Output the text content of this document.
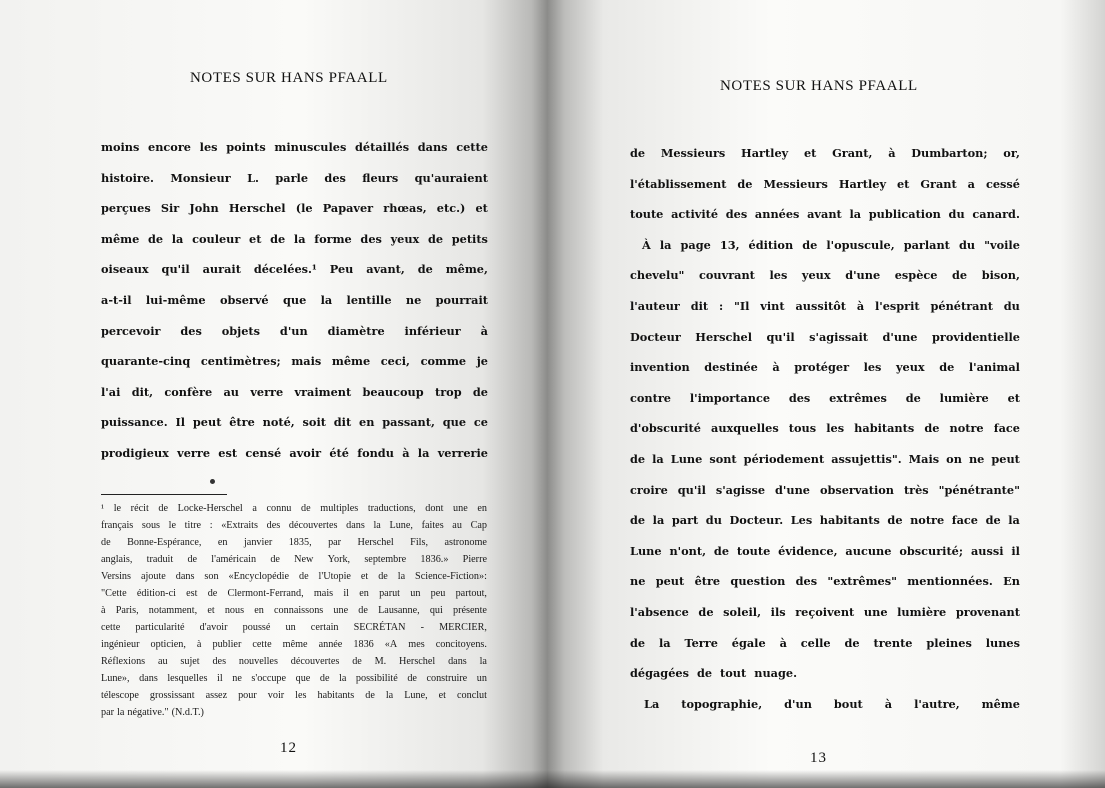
NOTES SUR HANS PFAALL
moins encore les points minuscules détaillés dans cette
histoire. Monsieur L. parle des fleurs qu'auraient
perçues Sir John Herschel (le Papaver rhœas, etc.) et
même de la couleur et de la forme des yeux de petits
oiseaux qu'il aurait décelées.¹ Peu avant, de même,
a-t-il lui-même observé que la lentille ne pourrait
percevoir des objets d'un diamètre inférieur à
quarante-cinq centimètres; mais même ceci, comme je
l'ai dit, confère au verre vraiment beaucoup trop de
puissance. Il peut être noté, soit dit en passant, que ce
prodigieux verre est censé avoir été fondu à la verrerie
¹ le récit de Locke-Herschel a connu de multiples traductions, dont une en
français sous le titre : «Extraits des découvertes dans la Lune, faites au Cap
de Bonne-Espérance, en janvier 1835, par Herschel Fils, astronome
anglais, traduit de l'américain de New York, septembre 1836.» Pierre
Versins ajoute dans son «Encyclopédie de l'Utopie et de la Science-Fiction»:
"Cette édition-ci est de Clermont-Ferrand, mais il en parut un peu partout,
à Paris, notamment, et nous en connaissons une de Lausanne, qui présente
cette particularité d'avoir poussé un certain SECRÉTAN - MERCIER,
ingénieur opticien, à publier cette même année 1836 «A mes concitoyens.
Réflexions au sujet des nouvelles découvertes de M. Herschel dans la
Lune», dans lesquelles il ne s'occupe que de la possibilité de construire un
télescope grossissant assez pour voir les habitants de la Lune, et conclut
par la négative." (N.d.T.)
12
NOTES SUR HANS PFAALL
de Messieurs Hartley et Grant, à Dumbarton; or,
l'établissement de Messieurs Hartley et Grant a cessé
toute activité des années avant la publication du canard.
À la page 13, édition de l'opuscule, parlant du "voile
chevelu" couvrant les yeux d'une espèce de bison,
l'auteur dit : "Il vint aussitôt à l'esprit pénétrant du
Docteur Herschel qu'il s'agissait d'une providentielle
invention destinée à protéger les yeux de l'animal
contre l'importance des extrêmes de lumière et
d'obscurité auxquelles tous les habitants de notre face
de la Lune sont périodement assujettis". Mais on ne peut
croire qu'il s'agisse d'une observation très "pénétrante"
de la part du Docteur. Les habitants de notre face de la
Lune n'ont, de toute évidence, aucune obscurité; aussi il
ne peut être question des "extrêmes" mentionnées. En
l'absence de soleil, ils reçoivent une lumière provenant
de la Terre égale à celle de trente pleines lunes
dégagées de tout nuage.
La topographie, d'un bout à l'autre, même
13
